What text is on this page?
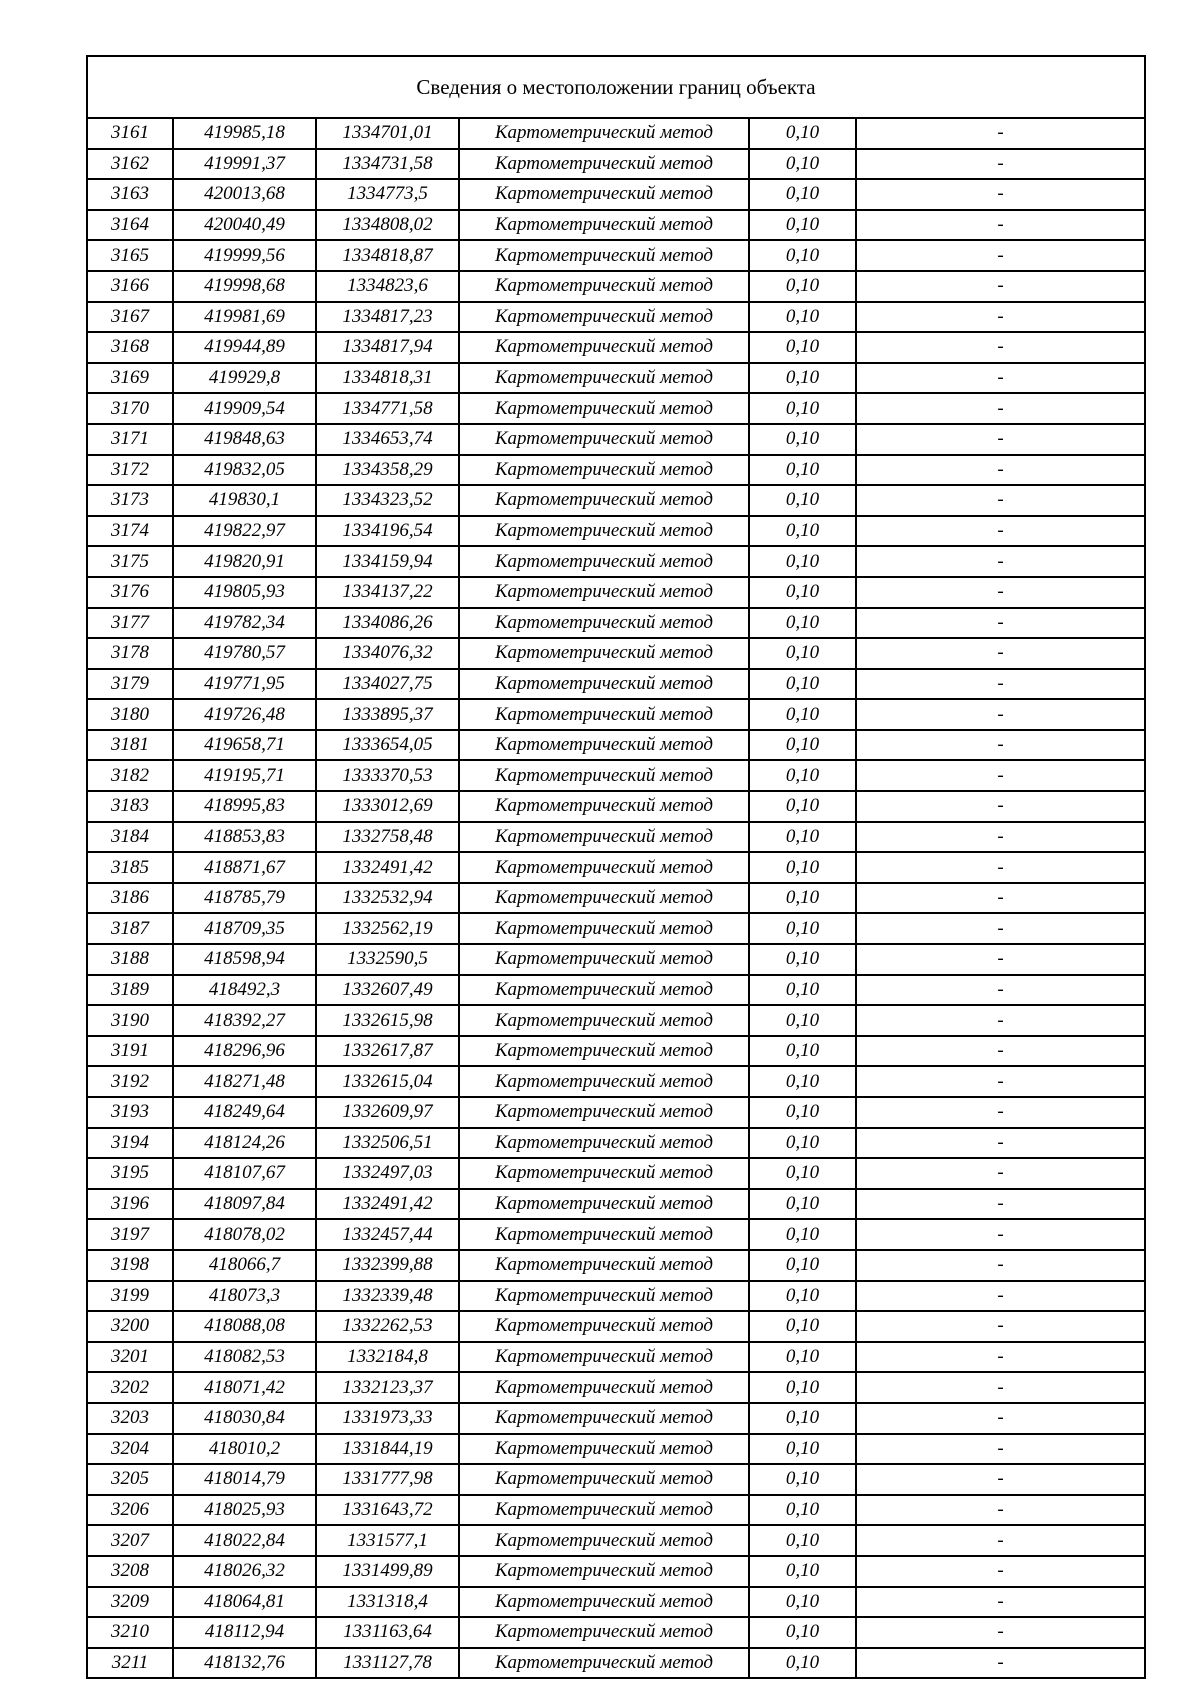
Сведения о местоположении границ объекта
3161	419985,18	1334701,01	Картометрический метод	0,10	-
3162	419991,37	1334731,58	Картометрический метод	0,10	-
3163	420013,68	1334773,5	Картометрический метод	0,10	-
3164	420040,49	1334808,02	Картометрический метод	0,10	-
3165	419999,56	1334818,87	Картометрический метод	0,10	-
3166	419998,68	1334823,6	Картометрический метод	0,10	-
3167	419981,69	1334817,23	Картометрический метод	0,10	-
3168	419944,89	1334817,94	Картометрический метод	0,10	-
3169	419929,8	1334818,31	Картометрический метод	0,10	-
3170	419909,54	1334771,58	Картометрический метод	0,10	-
3171	419848,63	1334653,74	Картометрический метод	0,10	-
3172	419832,05	1334358,29	Картометрический метод	0,10	-
3173	419830,1	1334323,52	Картометрический метод	0,10	-
3174	419822,97	1334196,54	Картометрический метод	0,10	-
3175	419820,91	1334159,94	Картометрический метод	0,10	-
3176	419805,93	1334137,22	Картометрический метод	0,10	-
3177	419782,34	1334086,26	Картометрический метод	0,10	-
3178	419780,57	1334076,32	Картометрический метод	0,10	-
3179	419771,95	1334027,75	Картометрический метод	0,10	-
3180	419726,48	1333895,37	Картометрический метод	0,10	-
3181	419658,71	1333654,05	Картометрический метод	0,10	-
3182	419195,71	1333370,53	Картометрический метод	0,10	-
3183	418995,83	1333012,69	Картометрический метод	0,10	-
3184	418853,83	1332758,48	Картометрический метод	0,10	-
3185	418871,67	1332491,42	Картометрический метод	0,10	-
3186	418785,79	1332532,94	Картометрический метод	0,10	-
3187	418709,35	1332562,19	Картометрический метод	0,10	-
3188	418598,94	1332590,5	Картометрический метод	0,10	-
3189	418492,3	1332607,49	Картометрический метод	0,10	-
3190	418392,27	1332615,98	Картометрический метод	0,10	-
3191	418296,96	1332617,87	Картометрический метод	0,10	-
3192	418271,48	1332615,04	Картометрический метод	0,10	-
3193	418249,64	1332609,97	Картометрический метод	0,10	-
3194	418124,26	1332506,51	Картометрический метод	0,10	-
3195	418107,67	1332497,03	Картометрический метод	0,10	-
3196	418097,84	1332491,42	Картометрический метод	0,10	-
3197	418078,02	1332457,44	Картометрический метод	0,10	-
3198	418066,7	1332399,88	Картометрический метод	0,10	-
3199	418073,3	1332339,48	Картометрический метод	0,10	-
3200	418088,08	1332262,53	Картометрический метод	0,10	-
3201	418082,53	1332184,8	Картометрический метод	0,10	-
3202	418071,42	1332123,37	Картометрический метод	0,10	-
3203	418030,84	1331973,33	Картометрический метод	0,10	-
3204	418010,2	1331844,19	Картометрический метод	0,10	-
3205	418014,79	1331777,98	Картометрический метод	0,10	-
3206	418025,93	1331643,72	Картометрический метод	0,10	-
3207	418022,84	1331577,1	Картометрический метод	0,10	-
3208	418026,32	1331499,89	Картометрический метод	0,10	-
3209	418064,81	1331318,4	Картометрический метод	0,10	-
3210	418112,94	1331163,64	Картометрический метод	0,10	-
3211	418132,76	1331127,78	Картометрический метод	0,10	-
